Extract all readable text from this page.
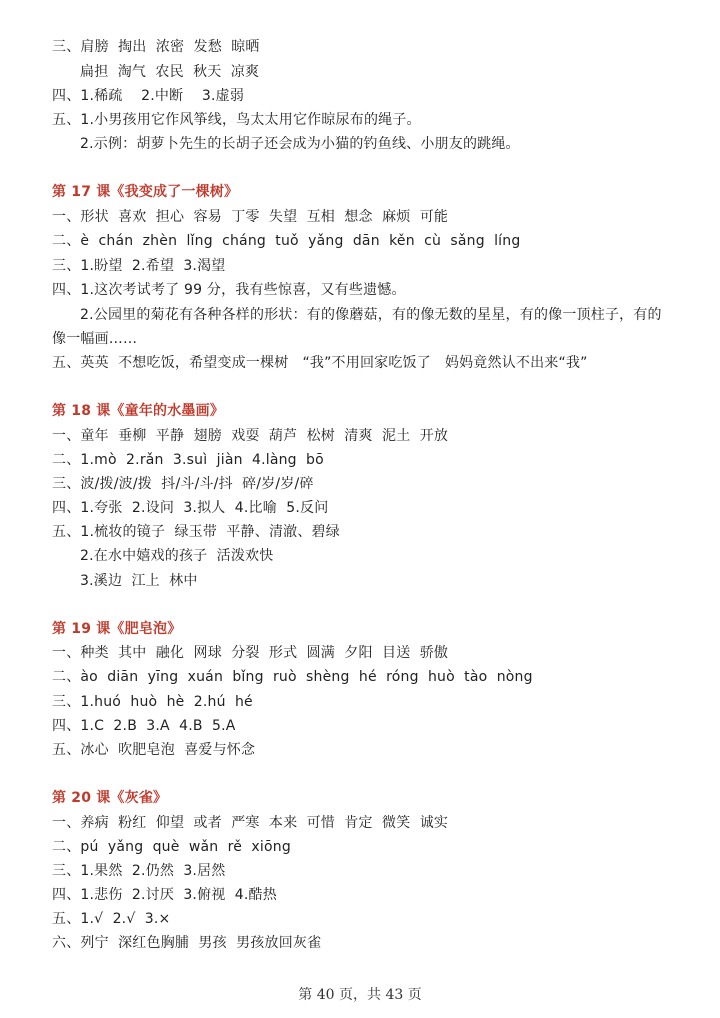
三、肩膀  掏出  浓密  发愁  晾晒
扁担  淘气  农民  秋天  凉爽
四、1.稀疏    2.中断    3.虚弱
五、1.小男孩用它作风筝线，鸟太太用它作晾尿布的绳子。
2.示例：胡萝卜先生的长胡子还会成为小猫的钓鱼线、小朋友的跳绳。
第 17 课《我变成了一棵树》
一、形状  喜欢  担心  容易  丁零  失望  互相  想念  麻烦  可能
二、è  chán  zhèn  lǐng  cháng  tuǒ  yǎng  dān  kěn  cù  sǎng  líng
三、1.盼望  2.希望  3.渴望
四、1.这次考试考了 99 分，我有些惊喜，又有些遗憾。
2.公园里的菊花有各种各样的形状：有的像蘑菇，有的像无数的星星，有的像一顶柱子，有的
像一幅画……
五、英英  不想吃饭，希望变成一棵树   “我”不用回家吃饭了   妈妈竟然认不出来“我”
第 18 课《童年的水墨画》
一、童年  垂柳  平静  翅膀  戏耍  葫芦  松树  清爽  泥土  开放
二、1.mò  2.rǎn  3.suì  jiàn  4.làng  bō
三、波/拨/波/拨  抖/斗/斗/抖  碎/岁/岁/碎
四、1.夸张  2.设问  3.拟人  4.比喻  5.反问
五、1.梳妆的镜子  绿玉带  平静、清澈、碧绿
2.在水中嬉戏的孩子  活泼欢快
3.溪边  江上  林中
第 19 课《肥皂泡》
一、种类  其中  融化  网球  分裂  形式  圆满  夕阳  目送  骄傲
二、ào  diān  yīng  xuán  bǐng  ruò  shèng  hé  róng  huò  tào  nòng
三、1.huó  huò  hè  2.hú  hé
四、1.C  2.B  3.A  4.B  5.A
五、冰心  吹肥皂泡  喜爱与怀念
第 20 课《灰雀》
一、养病  粉红  仰望  或者  严寒  本来  可惜  肯定  微笑  诚实
二、pú  yǎng  què  wǎn  rě  xiōng
三、1.果然  2.仍然  3.居然
四、1.悲伤  2.讨厌  3.俯视  4.酷热
五、1.√  2.√  3.×
六、列宁  深红色胸脯  男孩  男孩放回灰雀
第 40 页，共 43 页
